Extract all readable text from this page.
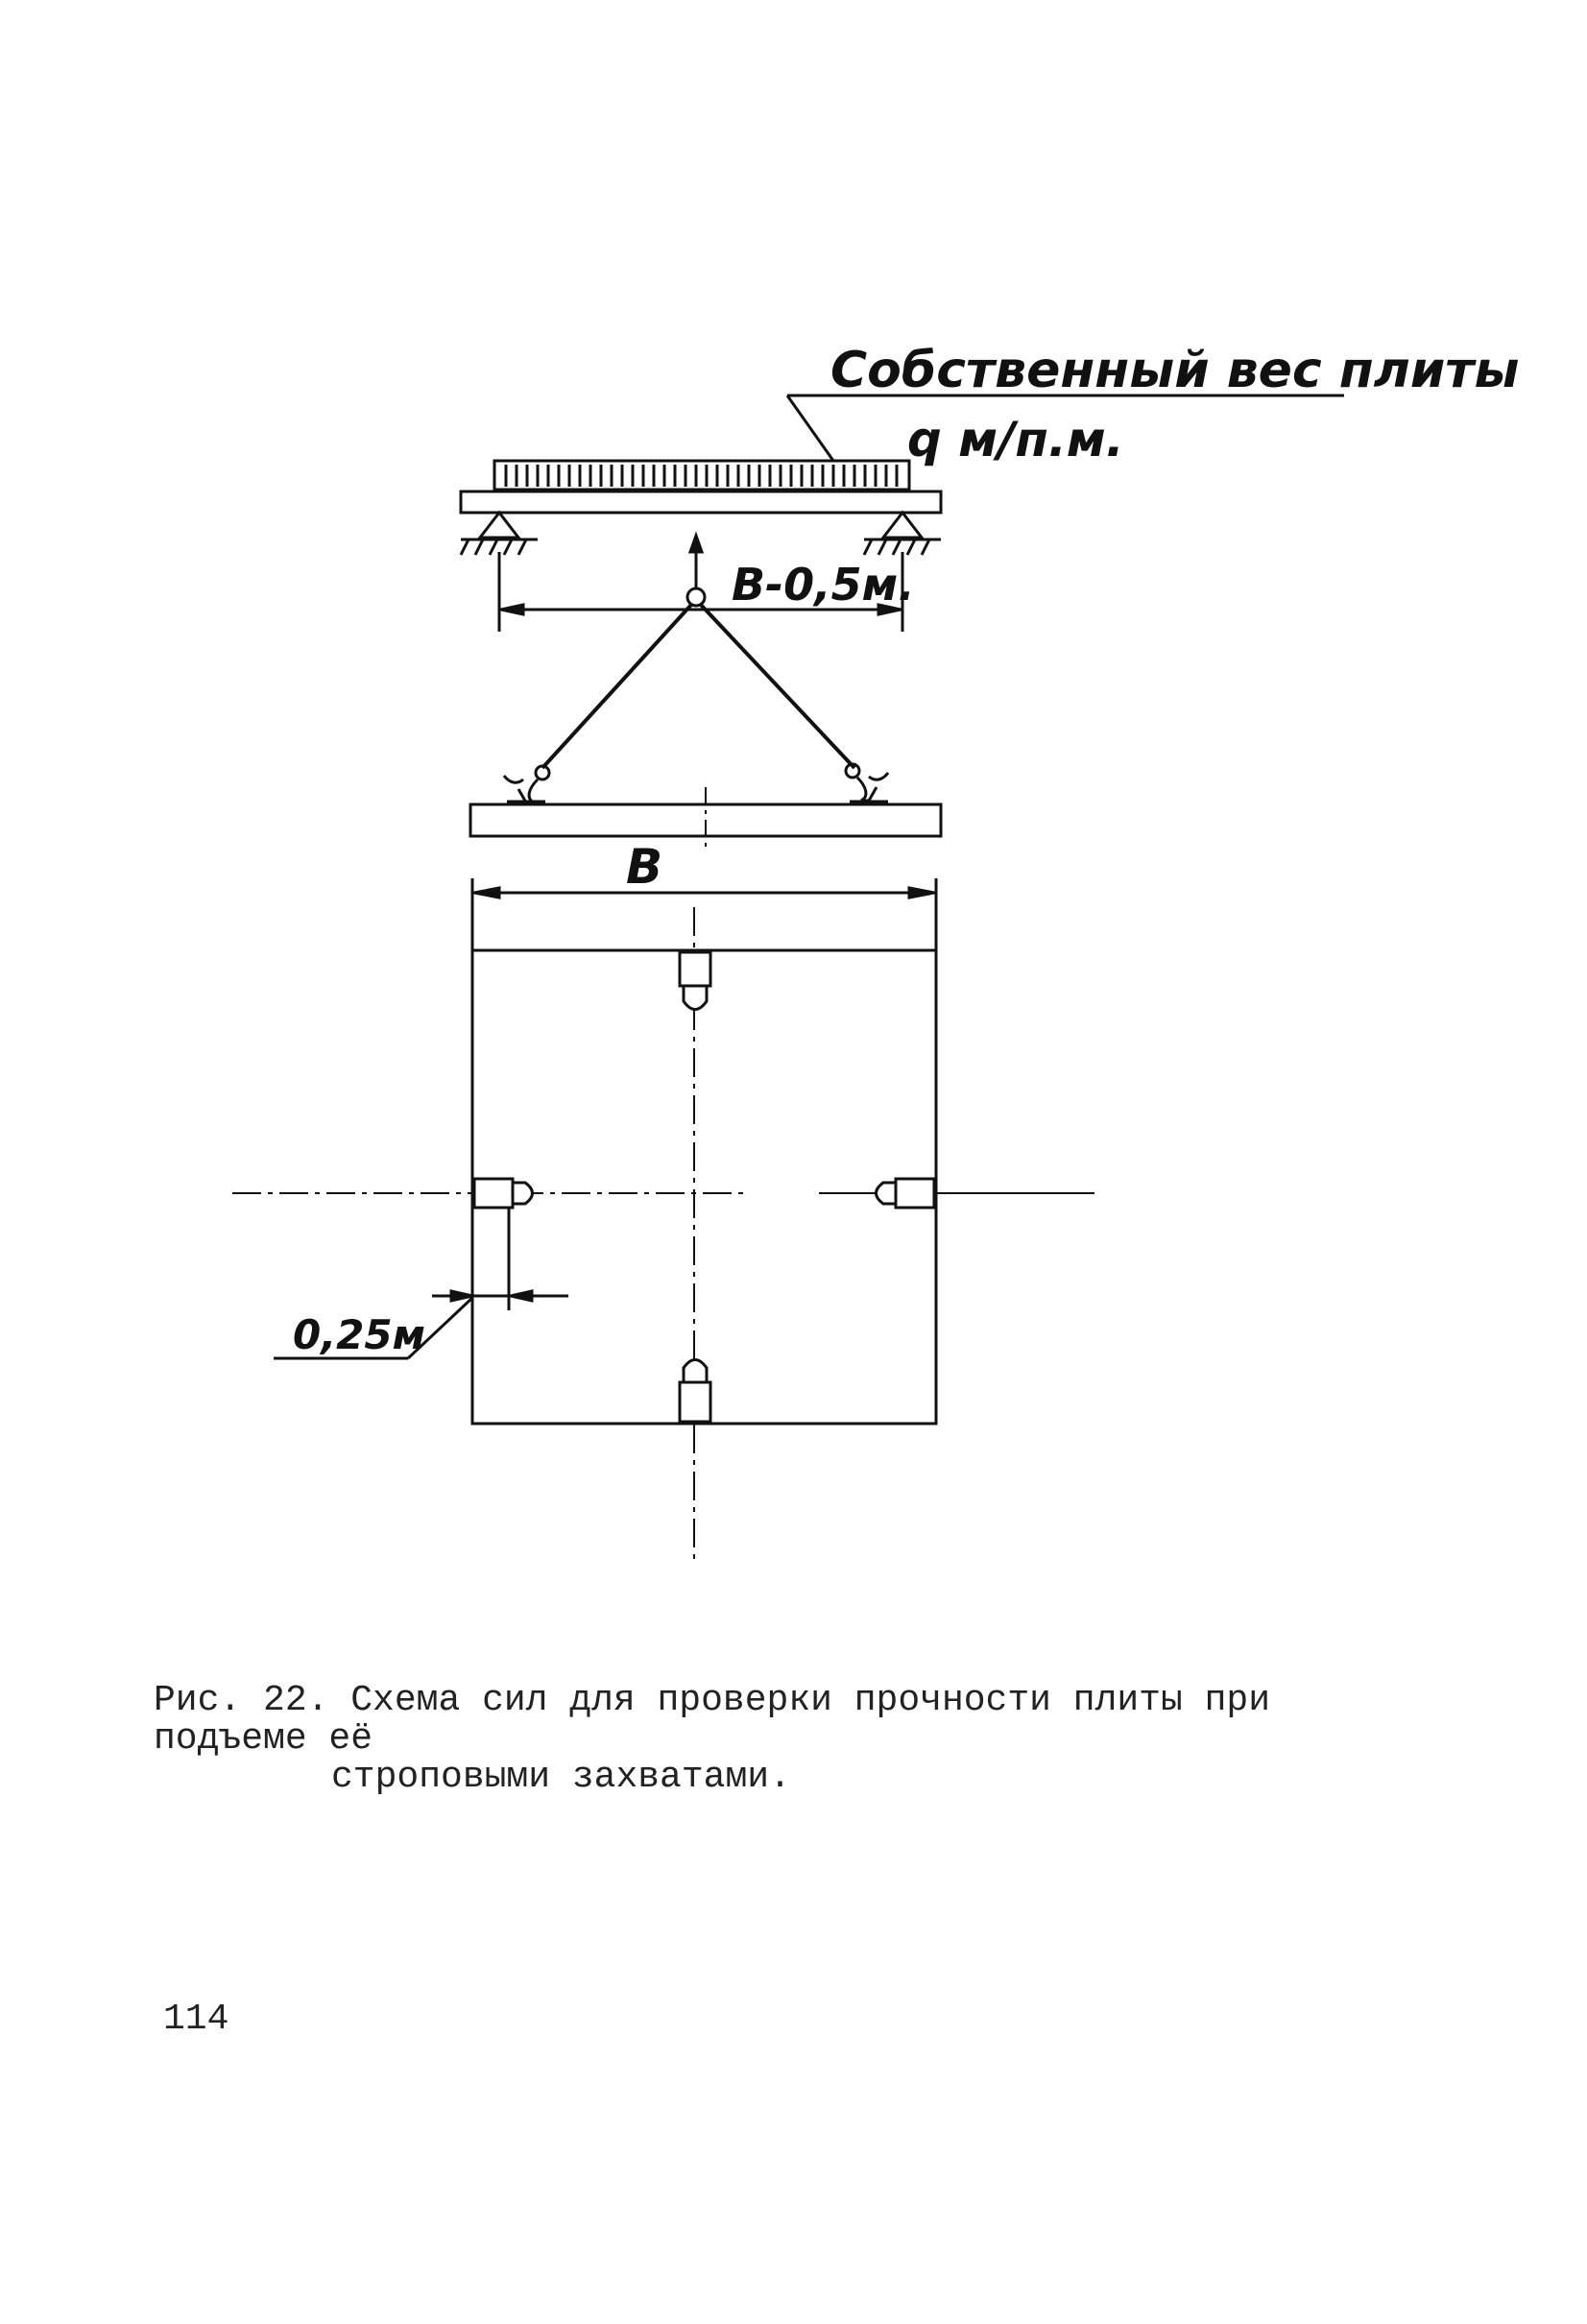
Собственный вес плиты
q м/п.м.
B-0,5м.
B
0,25м
Рис. 22. Схема сил для проверки прочности плиты при подъеме её
строповыми захватами.
114
